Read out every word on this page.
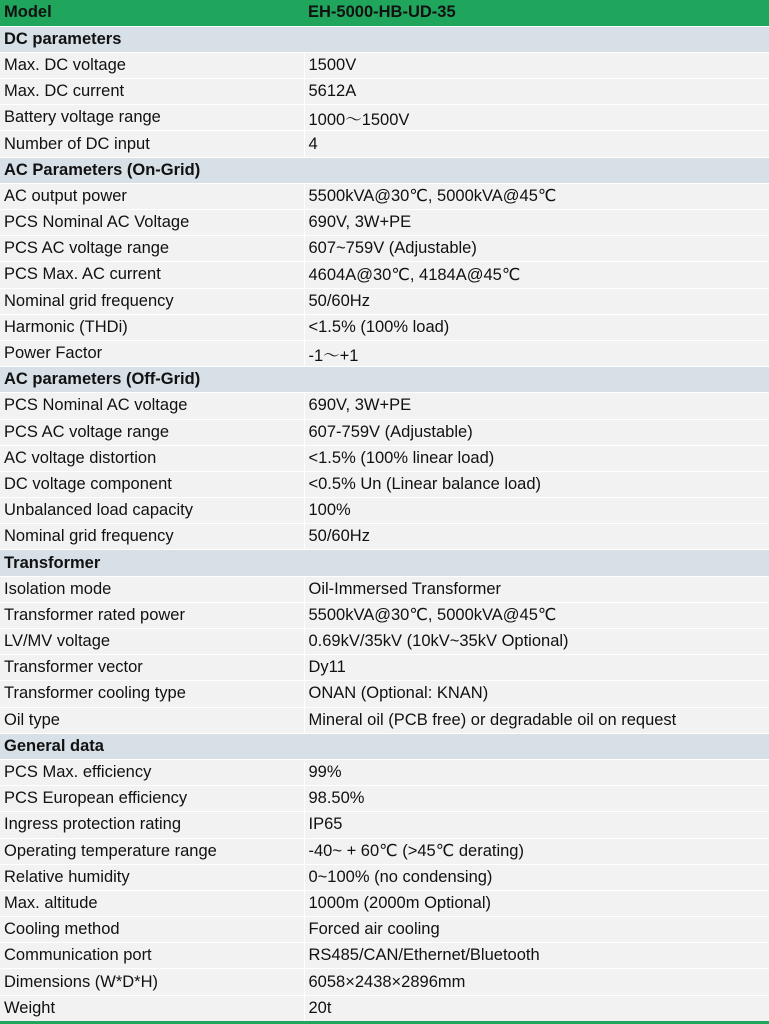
Model	EH-5000-HB-UD-35
DC parameters	
Max. DC voltage	1500V
Max. DC current	5612A
Battery voltage range	1000～1500V
Number of DC input	4
AC Parameters (On-Grid)	
AC output power	5500kVA@30℃, 5000kVA@45℃
PCS Nominal AC Voltage	690V, 3W+PE
PCS AC voltage range	607~759V (Adjustable)
PCS Max. AC current	4604A@30℃, 4184A@45℃
Nominal grid frequency	50/60Hz
Harmonic (THDi)	<1.5% (100% load)
Power Factor	-1～+1
AC parameters (Off-Grid)	
PCS Nominal AC voltage	690V, 3W+PE
PCS AC voltage range	607-759V (Adjustable)
AC voltage distortion	<1.5% (100% linear load)
DC voltage component	<0.5% Un (Linear balance load)
Unbalanced load capacity	100%
Nominal grid frequency	50/60Hz
Transformer	
Isolation mode	Oil-Immersed Transformer
Transformer rated power	5500kVA@30℃, 5000kVA@45℃
LV/MV voltage	0.69kV/35kV (10kV~35kV Optional)
Transformer vector	Dy11
Transformer cooling type	ONAN (Optional: KNAN)
Oil type	Mineral oil (PCB free) or degradable oil on request
General data	
PCS Max. efficiency	99%
PCS European efficiency	98.50%
Ingress protection rating	IP65
Operating temperature range	-40~ + 60℃ (>45℃ derating)
Relative humidity	0~100% (no condensing)
Max. altitude	1000m (2000m Optional)
Cooling method	Forced air cooling
Communication port	RS485/CAN/Ethernet/Bluetooth
Dimensions (W*D*H)	6058×2438×2896mm
Weight	20t
